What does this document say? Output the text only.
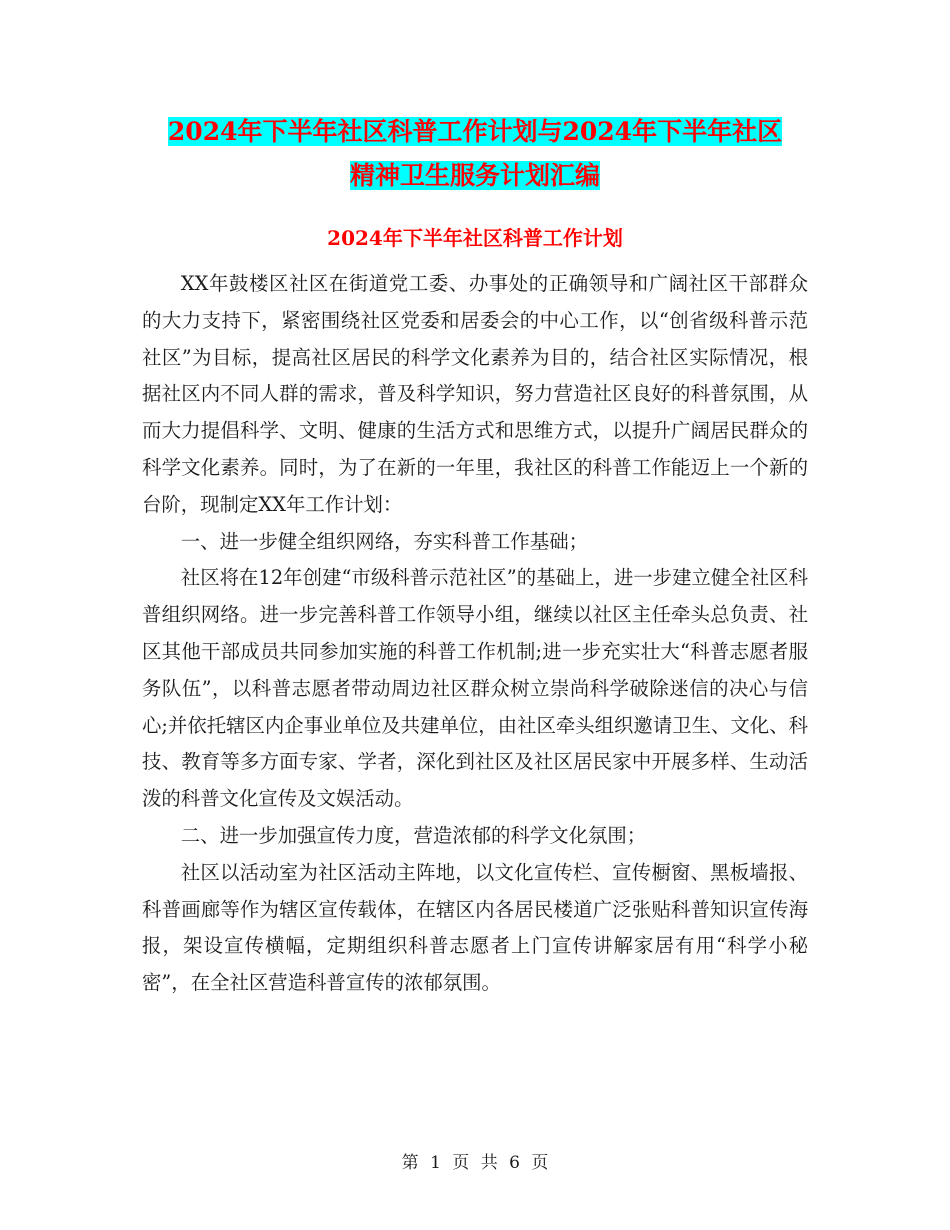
2024年下半年社区科普工作计划与2024年下半年社区
精神卫生服务计划汇编
2024年下半年社区科普工作计划

XX年鼓楼区社区在街道党工委、办事处的正确领导和广阔社区干部群众的大力支持下，紧密围绕社区党委和居委会的中心工作，以“创省级科普示范社区”为目标，提高社区居民的科学文化素养为目的，结合社区实际情况，根据社区内不同人群的需求，普及科学知识，努力营造社区良好的科普氛围，从而大力提倡科学、文明、健康的生活方式和思维方式，以提升广阔居民群众的科学文化素养。同时，为了在新的一年里，我社区的科普工作能迈上一个新的台阶，现制定XX年工作计划：

一、进一步健全组织网络，夯实科普工作基础；

社区将在12年创建“市级科普示范社区”的基础上，进一步建立健全社区科普组织网络。进一步完善科普工作领导小组，继续以社区主任牵头总负责、社区其他干部成员共同参加实施的科普工作机制;进一步充实壮大“科普志愿者服务队伍”，以科普志愿者带动周边社区群众树立崇尚科学破除迷信的决心与信心;并依托辖区内企事业单位及共建单位，由社区牵头组织邀请卫生、文化、科技、教育等多方面专家、学者，深化到社区及社区居民家中开展多样、生动活泼的科普文化宣传及文娱活动。

二、进一步加强宣传力度，营造浓郁的科学文化氛围；

社区以活动室为社区活动主阵地，以文化宣传栏、宣传橱窗、黑板墙报、科普画廊等作为辖区宣传载体，在辖区内各居民楼道广泛张贴科普知识宣传海报，架设宣传横幅，定期组织科普志愿者上门宣传讲解家居有用“科学小秘密”，在全社区营造科普宣传的浓郁氛围。

第 1 页 共 6 页
